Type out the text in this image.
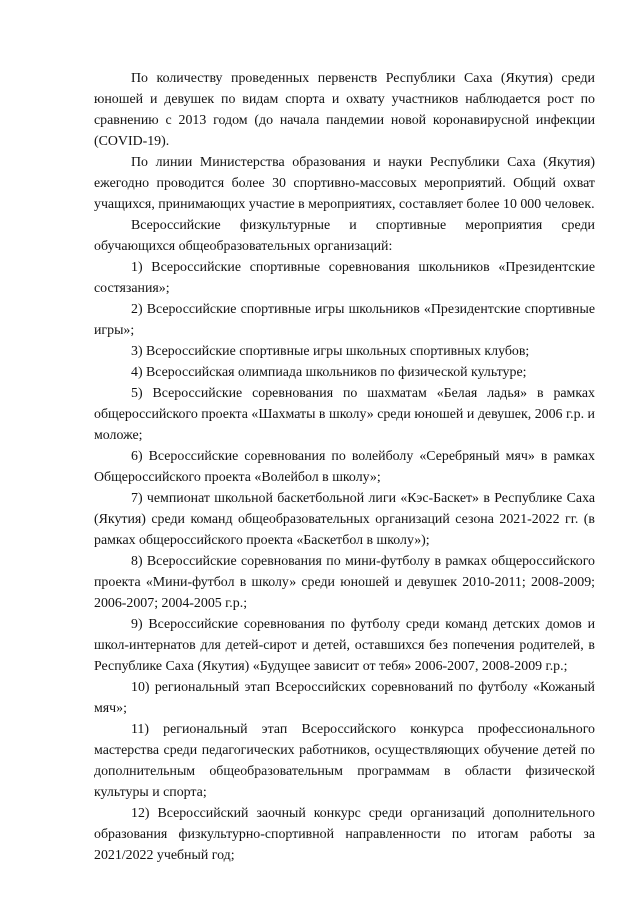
По количеству проведенных первенств Республики Саха (Якутия) среди юношей и девушек по видам спорта и охвату участников наблюдается рост по сравнению с 2013 годом (до начала пандемии новой коронавирусной инфекции (COVID-19).

По линии Министерства образования и науки Республики Саха (Якутия) ежегодно проводится более 30 спортивно-массовых мероприятий. Общий охват учащихся, принимающих участие в мероприятиях, составляет более 10 000 человек.

Всероссийские физкультурные и спортивные мероприятия среди обучающихся общеобразовательных организаций:

1) Всероссийские спортивные соревнования школьников «Президентские состязания»;

2) Всероссийские спортивные игры школьников «Президентские спортивные игры»;

3) Всероссийские спортивные игры школьных спортивных клубов;

4) Всероссийская олимпиада школьников по физической культуре;

5) Всероссийские соревнования по шахматам «Белая ладья» в рамках общероссийского проекта «Шахматы в школу» среди юношей и девушек, 2006 г.р. и моложе;

6) Всероссийские соревнования по волейболу «Серебряный мяч» в рамках Общероссийского проекта «Волейбол в школу»;

7) чемпионат школьной баскетбольной лиги «Кэс-Баскет» в Республике Саха (Якутия) среди команд общеобразовательных организаций сезона 2021-2022 гг. (в рамках общероссийского проекта «Баскетбол в школу»);

8) Всероссийские соревнования по мини-футболу в рамках общероссийского проекта «Мини-футбол в школу» среди юношей и девушек 2010-2011; 2008-2009; 2006-2007; 2004-2005 г.р.;

9) Всероссийские соревнования по футболу среди команд детских домов и школ-интернатов для детей-сирот и детей, оставшихся без попечения родителей, в Республике Саха (Якутия) «Будущее зависит от тебя» 2006-2007, 2008-2009 г.р.;

10) региональный этап Всероссийских соревнований по футболу «Кожаный мяч»;

11) региональный этап Всероссийского конкурса профессионального мастерства среди педагогических работников, осуществляющих обучение детей по дополнительным общеобразовательным программам в области физической культуры и спорта;

12) Всероссийский заочный конкурс среди организаций дополнительного образования физкультурно-спортивной направленности по итогам работы за 2021/2022 учебный год;
